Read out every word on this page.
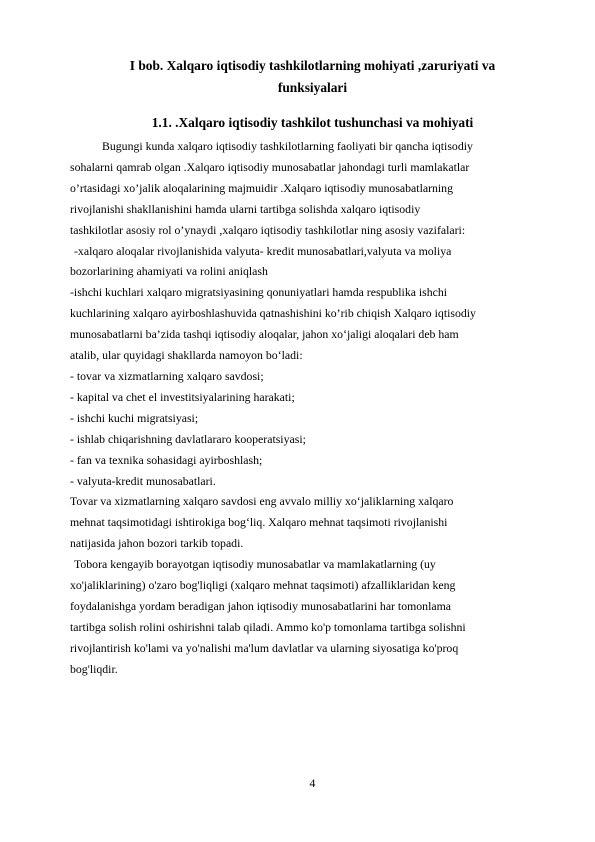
I bob. Xalqaro iqtisodiy tashkilotlarning mohiyati ,zaruriyati va
funksiyalari
1.1. .Xalqaro iqtisodiy tashkilot tushunchasi va mohiyati

Bugungi kunda xalqaro iqtisodiy tashkilotlarning faoliyati bir qancha iqtisodiy

sohalarni qamrab olgan .Xalqaro iqtisodiy munosabatlar jahondagi turli mamlakatlar

o’rtasidagi xo’jalik aloqalarining majmuidir .Xalqaro iqtisodiy munosabatlarning

rivojlanishi shakllanishini hamda ularni tartibga solishda xalqaro iqtisodiy

tashkilotlar asosiy rol o’ynaydi ,xalqaro iqtisodiy tashkilotlar ning asosiy vazifalari:

-xalqaro aloqalar rivojlanishida valyuta- kredit munosabatlari,valyuta va moliya

bozorlarining ahamiyati va rolini aniqlash

-ishchi kuchlari xalqaro migratsiyasining qonuniyatlari hamda respublika ishchi

kuchlarining xalqaro ayirboshlashuvida qatnashishini ko’rib chiqish Xalqaro iqtisodiy

munosabatlarni ba’zida tashqi iqtisodiy aloqalar, jahon xo‘jaligi aloqalari deb ham

atalib, ular quyidagi shakllarda namoyon bo‘ladi:

- tovar va xizmatlarning xalqaro savdosi;

- kapital va chet el investitsiyalarining harakati;

- ishchi kuchi migratsiyasi;

- ishlab chiqarishning davlatlararo kooperatsiyasi;

- fan va texnika sohasidagi ayirboshlash;

- valyuta-kredit munosabatlari.

Tovar va xizmatlarning xalqaro savdosi eng avvalo milliy xo‘jaliklarning xalqaro

mehnat taqsimotidagi ishtirokiga bog‘liq. Xalqaro mehnat taqsimoti rivojlanishi

natijasida jahon bozori tarkib topadi.

Tobora kengayib borayotgan iqtisodiy munosabatlar va mamlakatlarning (uy

xo'jaliklarining) o'zaro bog'liqligi (xalqaro mehnat taqsimoti) afzalliklaridan keng

foydalanishga yordam beradigan jahon iqtisodiy munosabatlarini har tomonlama

tartibga solish rolini oshirishni talab qiladi. Ammo ko'p tomonlama tartibga solishni

rivojlantirish ko'lami va yo'nalishi ma'lum davlatlar va ularning siyosatiga ko'proq

bog'liqdir.

4
